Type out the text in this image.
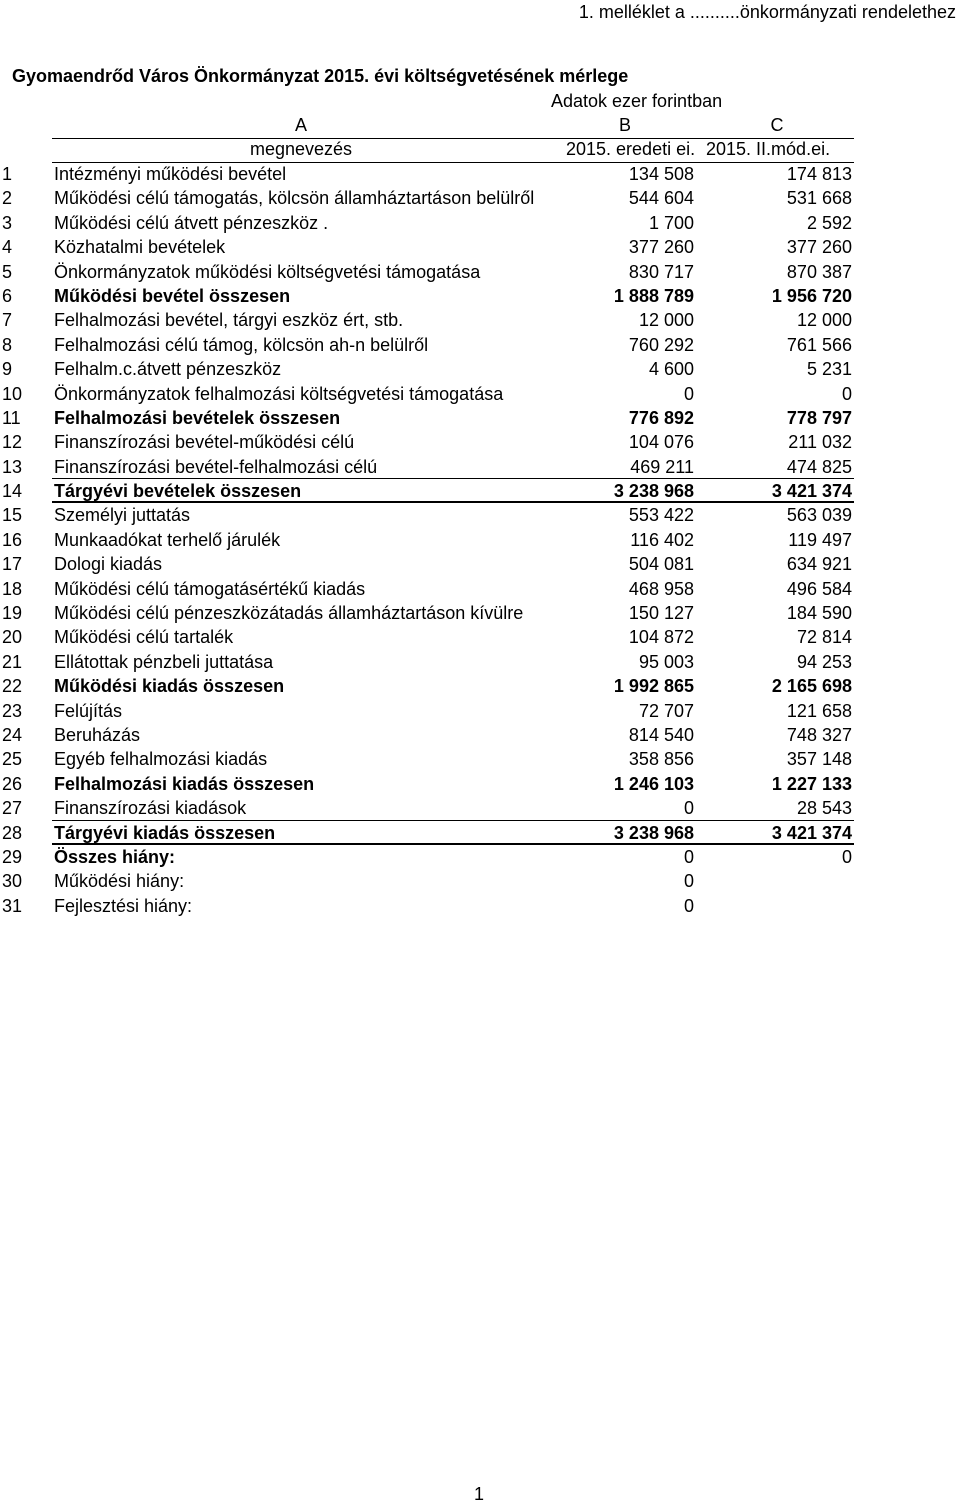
1. melléklet a ..........önkormányzati rendelethez
Gyomaendrőd Város Önkormányzat 2015. évi költségvetésének mérlege
Adatok ezer forintban
A	B	C
megnevezés	2015. eredeti ei. 2015. II.mód.ei.
1 Intézményi működési bevétel	134 508	174 813
2 Működési célú támogatás, kölcsön államháztartáson belülről	544 604	531 668
3 Működési célú átvett pénzeszköz .	1 700	2 592
4 Közhatalmi bevételek	377 260	377 260
5 Önkormányzatok működési költségvetési támogatása	830 717	870 387
6 Működési bevétel összesen	1 888 789	1 956 720
7 Felhalmozási bevétel, tárgyi eszköz ért, stb.	12 000	12 000
8 Felhalmozási célú támog, kölcsön ah-n belülről	760 292	761 566
9 Felhalm.c.átvett pénzeszköz	4 600	5 231
10 Önkormányzatok felhalmozási költségvetési támogatása	0	0
11 Felhalmozási bevételek összesen	776 892	778 797
12 Finanszírozási bevétel-működési célú	104 076	211 032
13 Finanszírozási bevétel-felhalmozási célú	469 211	474 825
14 Tárgyévi bevételek összesen	3 238 968	3 421 374
15 Személyi juttatás	553 422	563 039
16 Munkaadókat terhelő járulék	116 402	119 497
17 Dologi kiadás	504 081	634 921
18 Működési célú támogatásértékű kiadás	468 958	496 584
19 Működési célú pénzeszközátadás államháztartáson kívülre	150 127	184 590
20 Működési célú tartalék	104 872	72 814
21 Ellátottak pénzbeli juttatása	95 003	94 253
22 Működési kiadás összesen	1 992 865	2 165 698
23 Felújítás	72 707	121 658
24 Beruházás	814 540	748 327
25 Egyéb felhalmozási kiadás	358 856	357 148
26 Felhalmozási kiadás összesen	1 246 103	1 227 133
27 Finanszírozási kiadások	0	28 543
28 Tárgyévi kiadás összesen	3 238 968	3 421 374
29 Összes hiány:	0	0
30 Működési hiány:	0
31 Fejlesztési hiány:	0
1
